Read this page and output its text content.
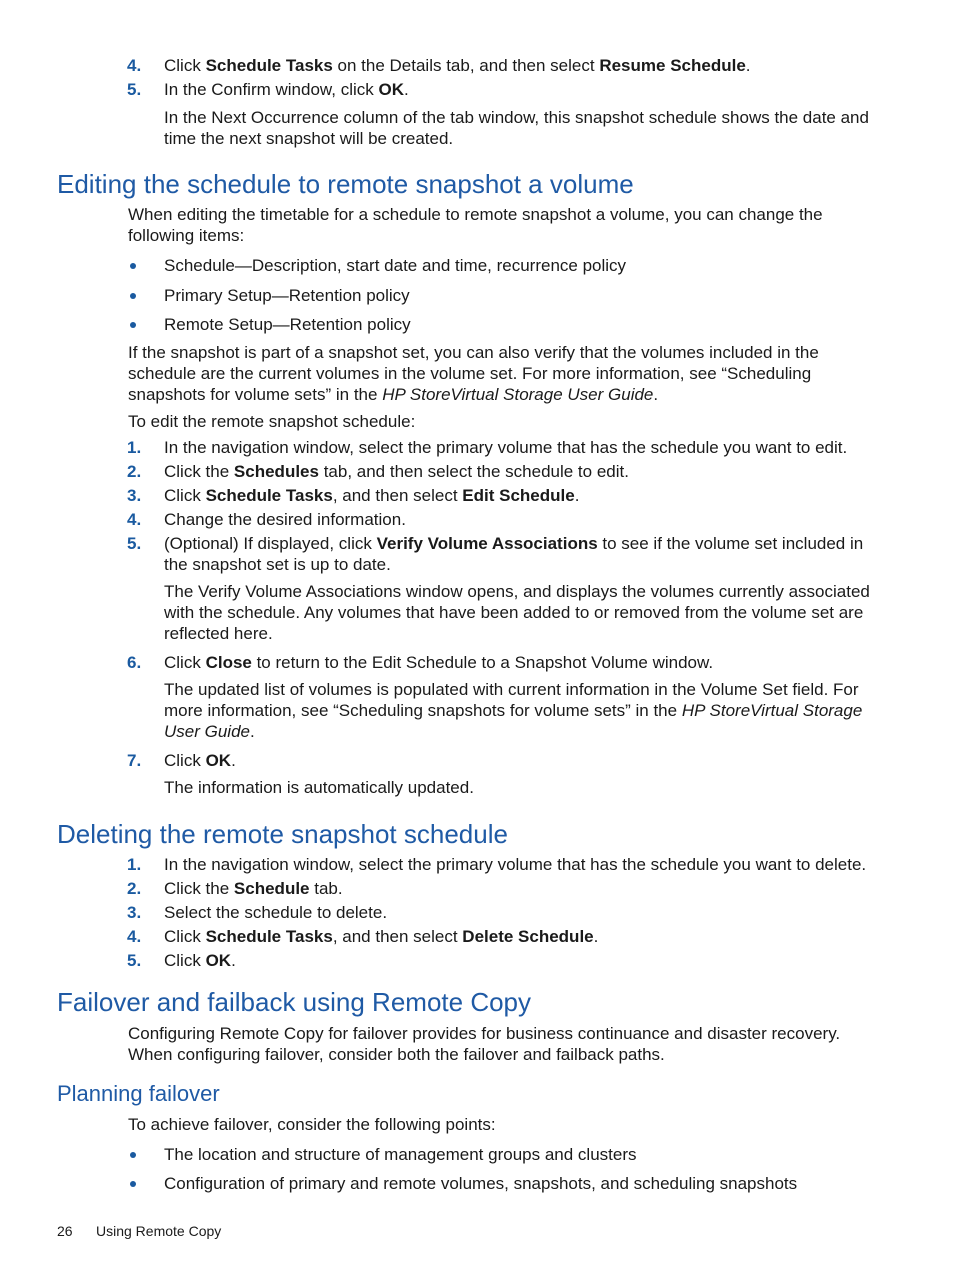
4. Click Schedule Tasks on the Details tab, and then select Resume Schedule.
5. In the Confirm window, click OK.
In the Next Occurrence column of the tab window, this snapshot schedule shows the date and time the next snapshot will be created.
Editing the schedule to remote snapshot a volume
When editing the timetable for a schedule to remote snapshot a volume, you can change the following items:
Schedule—Description, start date and time, recurrence policy
Primary Setup—Retention policy
Remote Setup—Retention policy
If the snapshot is part of a snapshot set, you can also verify that the volumes included in the schedule are the current volumes in the volume set. For more information, see “Scheduling snapshots for volume sets” in the HP StoreVirtual Storage User Guide.
To edit the remote snapshot schedule:
1. In the navigation window, select the primary volume that has the schedule you want to edit.
2. Click the Schedules tab, and then select the schedule to edit.
3. Click Schedule Tasks, and then select Edit Schedule.
4. Change the desired information.
5. (Optional) If displayed, click Verify Volume Associations to see if the volume set included in the snapshot set is up to date.
The Verify Volume Associations window opens, and displays the volumes currently associated with the schedule. Any volumes that have been added to or removed from the volume set are reflected here.
6. Click Close to return to the Edit Schedule to a Snapshot Volume window.
The updated list of volumes is populated with current information in the Volume Set field. For more information, see “Scheduling snapshots for volume sets” in the HP StoreVirtual Storage User Guide.
7. Click OK.
The information is automatically updated.
Deleting the remote snapshot schedule
1. In the navigation window, select the primary volume that has the schedule you want to delete.
2. Click the Schedule tab.
3. Select the schedule to delete.
4. Click Schedule Tasks, and then select Delete Schedule.
5. Click OK.
Failover and failback using Remote Copy
Configuring Remote Copy for failover provides for business continuance and disaster recovery. When configuring failover, consider both the failover and failback paths.
Planning failover
To achieve failover, consider the following points:
The location and structure of management groups and clusters
Configuration of primary and remote volumes, snapshots, and scheduling snapshots
26 Using Remote Copy
